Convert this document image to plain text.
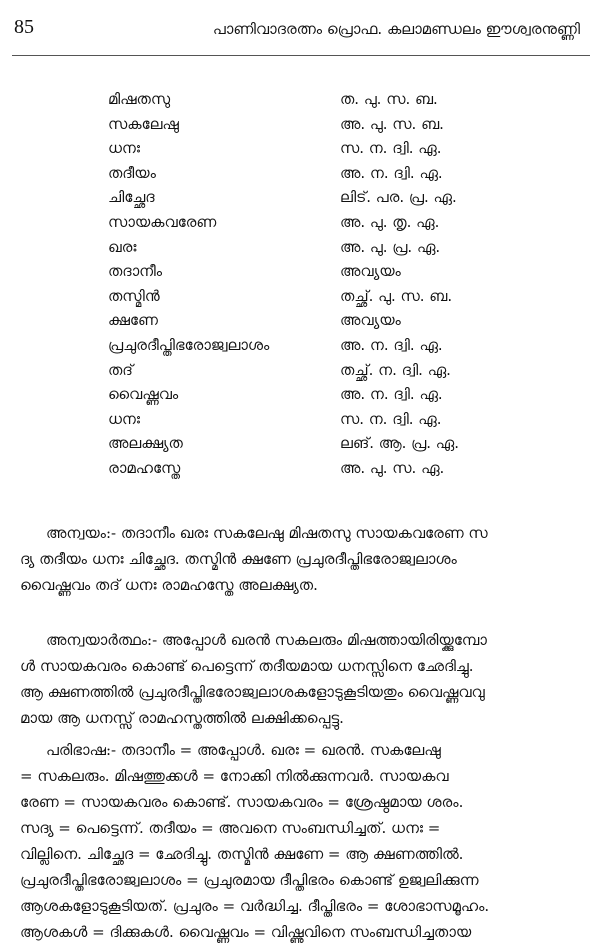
85	പാണിവാദരത്നം പ്രൊഫ. കലാമണ്ഡലം ഈശ്വരനുണ്ണി
മിഷതസു	ത. പു. സ. ബ.
സകലേഷു	അ. പു. സ. ബ.
ധനഃ	സ. ന. ദ്വി. ഏ.
തദീയം	അ. ന. ദ്വി. ഏ.
ചിച്ഛേദ	ലിട്. പര. പ്ര. ഏ.
സായകവരേണ	അ. പു. തൃ. ഏ.
ഖരഃ	അ. പു. പ്ര. ഏ.
തദാനീം	അവ്യയം
തസ്മിൻ	തച്ഛ്. പു. സ. ബ.
ക്ഷണേ	അവ്യയം
പ്രചുരദീപ്തിഭരോജ്വലാശം	അ. ന. ദ്വി. ഏ.
തദ്	തച്ഛ്. ന. ദ്വി. ഏ.
വൈഷ്ണവം	അ. ന. ദ്വി. ഏ.
ധനഃ	സ. ന. ദ്വി. ഏ.
അലക്ഷ്യത	ലങ്. ആ. പ്ര. ഏ.
രാമഹസ്തേ	അ. പു. സ. ഏ.
അന്വയം:- തദാനീം ഖരഃ സകലേഷു മിഷതസു സായകവരേണ സ
ദ്യ തദീയം ധനഃ ചിച്ഛേദ. തസ്മിൻ ക്ഷണേ പ്രചുരദീപ്തിഭരോജ്വലാശം
വൈഷ്ണവം തദ് ധനഃ രാമഹസ്തേ അലക്ഷ്യത.
അന്വയാർത്ഥം:- അപ്പോൾ ഖരൻ സകലരും മിഷത്തായിരിയ്ക്കുമ്പോ
ൾ സായകവരം കൊണ്ട് പെട്ടെന്ന് തദീയമായ ധനസ്സിനെ ഛേദിച്ചു.
ആ ക്ഷണത്തിൽ പ്രചുരദീപ്തിഭരോജ്വലാശകളോടുകൂടിയതും വൈഷ്ണവവു
മായ ആ ധനസ്സ് രാമഹസ്തത്തിൽ ലക്ഷിക്കപ്പെട്ടു.
പരിഭാഷ:- തദാനീം = അപ്പോൾ. ഖരഃ = ഖരൻ. സകലേഷു
= സകലരും. മിഷത്തുക്കൾ = നോക്കി നിൽക്കുന്നവർ. സായകവ
രേണ = സായകവരം കൊണ്ട്. സായകവരം = ശ്രേഷ്ഠമായ ശരം.
സദ്യ = പെട്ടെന്ന്. തദീയം = അവനെ സംബന്ധിച്ചത്. ധനഃ =
വില്ലിനെ. ചിച്ഛേദ = ഛേദിച്ചു. തസ്മിൻ ക്ഷണേ = ആ ക്ഷണത്തിൽ.
പ്രചുരദീപ്തിഭരോജ്വലാശം = പ്രചുരമായ ദീപ്തിഭരം കൊണ്ട് ഉജ്വലിക്കുന്ന
ആശകളോടുകൂടിയത്. പ്രചുരം = വർദ്ധിച്ച. ദീപ്തിഭരം = ശോഭാസമൂഹം.
ആശകൾ = ദിക്കുകൾ. വൈഷ്ണവം = വിഷ്ണുവിനെ സംബന്ധിച്ചതായ
